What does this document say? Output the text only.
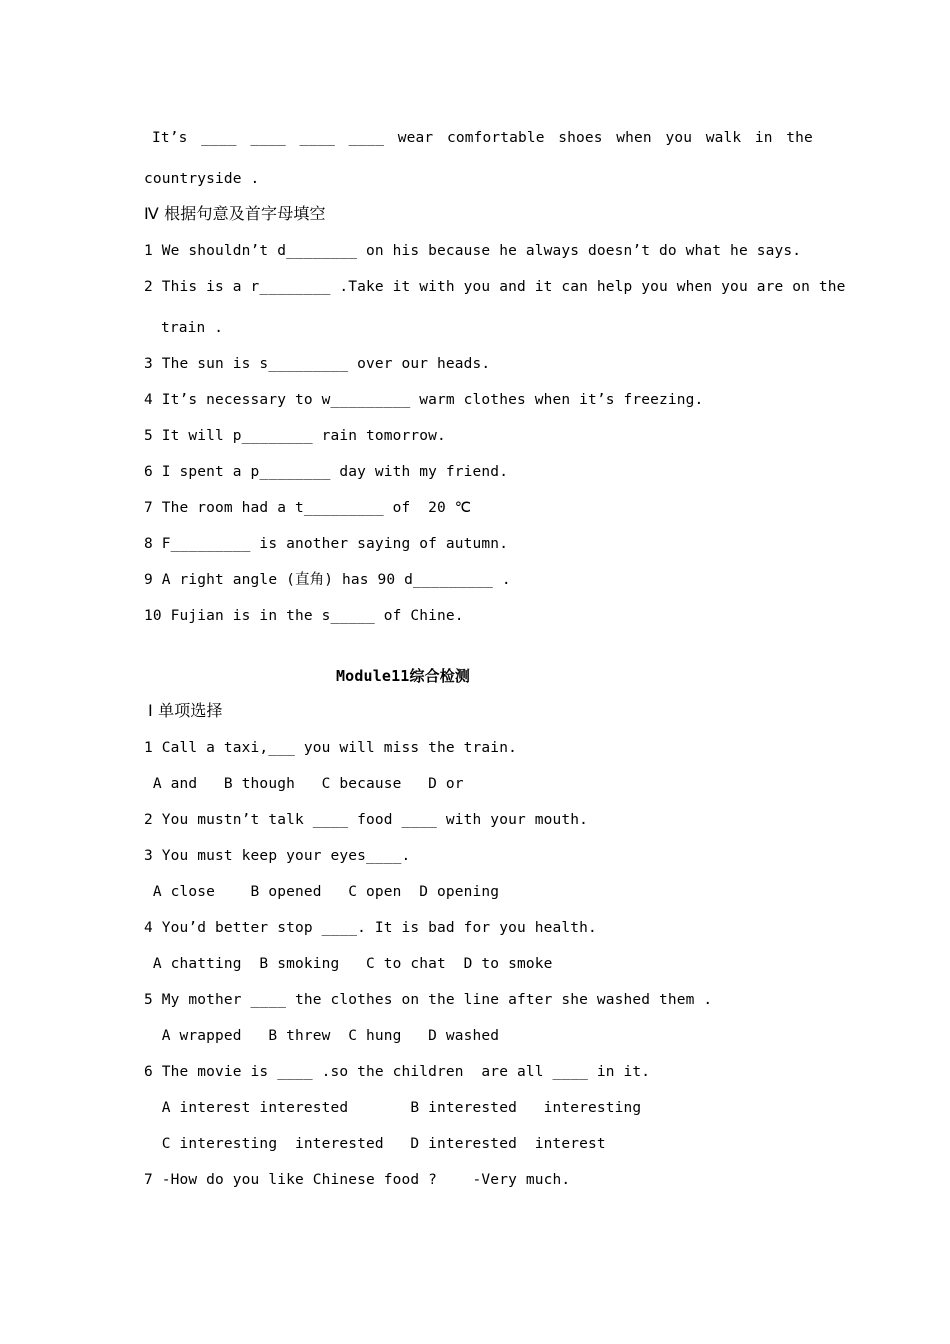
It’s ____ ____ ____ ____ wear comfortable shoes when you walk in the
countryside .
Ⅳ 根据句意及首字母填空
1 We shouldn’t d________ on his because he always doesn’t do what he says.
2 This is a r________ .Take it with you and it can help you when you are on the
train .
3 The sun is s_________ over our heads.
4 It’s necessary to w_________ warm clothes when it’s freezing.
5 It will p________ rain tomorrow.
6 I spent a p________ day with my friend.
7 The room had a t_________ of  20 ℃
8 F_________ is another saying of autumn.
9 A right angle (直角) has 90 d_________ .
10 Fujian is in the s_____ of Chine.
Module11综合检测
Ⅰ 单项选择
1 Call a taxi,___ you will miss the train.
A and   B though   C because   D or
2 You mustn’t talk ____ food ____ with your mouth.
3 You must keep your eyes____.
A close    B opened   C open  D opening
4 You’d better stop ____. It is bad for you health.
A chatting  B smoking   C to chat  D to smoke
5 My mother ____ the clothes on the line after she washed them .
A wrapped   B threw  C hung   D washed
6 The movie is ____ .so the children  are all ____ in it.
A interest interested       B interested   interesting
C interesting  interested   D interested  interest
7 -How do you like Chinese food ?    -Very much.
